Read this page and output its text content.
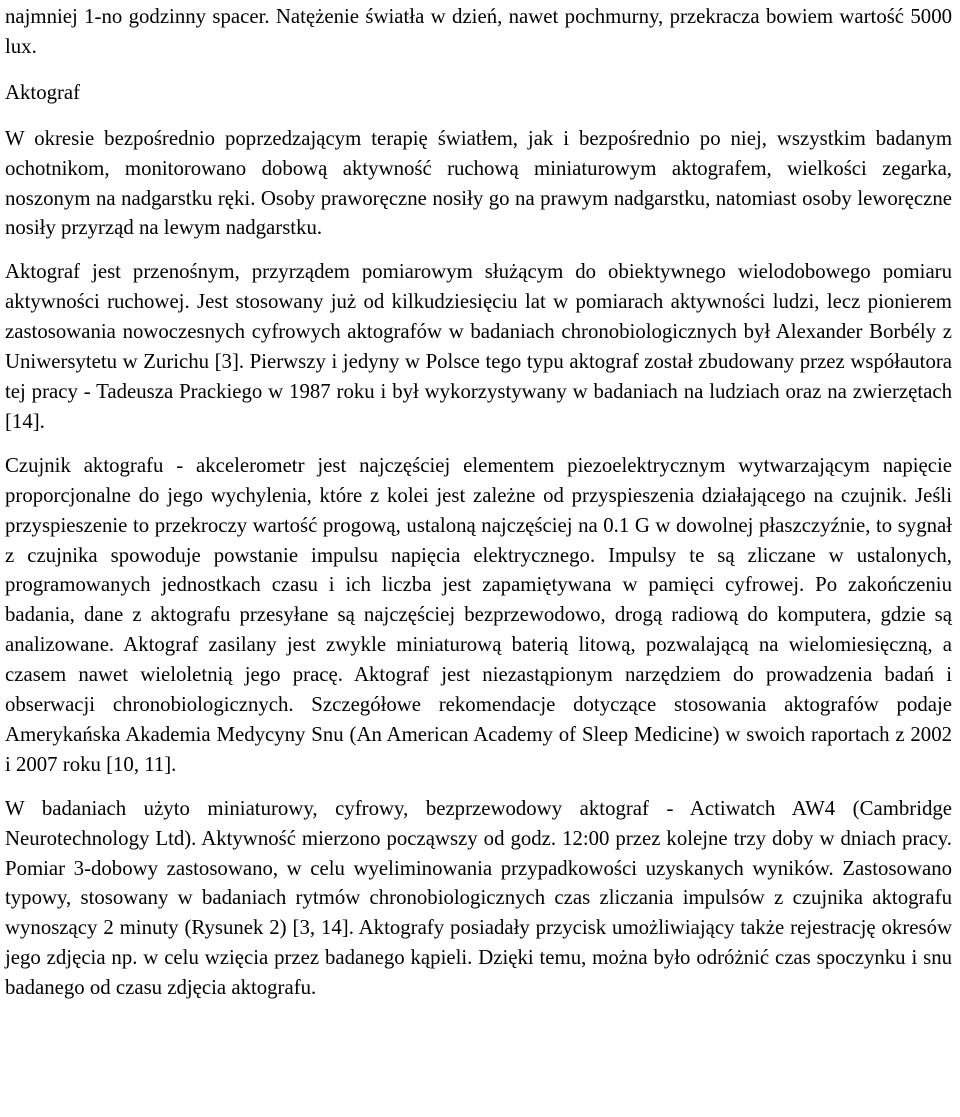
najmniej 1-no godzinny spacer. Natężenie światła w dzień, nawet pochmurny, przekracza bowiem wartość 5000 lux.

Aktograf

W okresie bezpośrednio poprzedzającym terapię światłem, jak i bezpośrednio po niej, wszystkim badanym ochotnikom, monitorowano dobową aktywność ruchową miniaturowym aktografem, wielkości zegarka, noszonym na nadgarstku ręki. Osoby praworęczne nosiły go na prawym nadgarstku, natomiast osoby leworęczne nosiły przyrząd na lewym nadgarstku.

Aktograf jest przenośnym, przyrządem pomiarowym służącym do obiektywnego wielodobowego pomiaru aktywności ruchowej. Jest stosowany już od kilkudziesięciu lat w pomiarach aktywności ludzi, lecz pionierem zastosowania nowoczesnych cyfrowych aktografów w badaniach chronobiologicznych był Alexander Borbély z Uniwersytetu w Zurichu [3]. Pierwszy i jedyny w Polsce tego typu aktograf został zbudowany przez współautora tej pracy - Tadeusza Prackiego w 1987 roku i był wykorzystywany w badaniach na ludziach oraz na zwierzętach [14].

Czujnik aktografu - akcelerometr jest najczęściej elementem piezoelektrycznym wytwarzającym napięcie proporcjonalne do jego wychylenia, które z kolei jest zależne od przyspieszenia działającego na czujnik. Jeśli przyspieszenie to przekroczy wartość progową, ustaloną najczęściej na 0.1 G w dowolnej płaszczyźnie, to sygnał z czujnika spowoduje powstanie impulsu napięcia elektrycznego. Impulsy te są zliczane w ustalonych, programowanych jednostkach czasu i ich liczba jest zapamiętywana w pamięci cyfrowej. Po zakończeniu badania, dane z aktografu przesyłane są najczęściej bezprzewodowo, drogą radiową do komputera, gdzie są analizowane. Aktograf zasilany jest zwykle miniaturową baterią litową, pozwalającą na wielomiesięczną, a czasem nawet wieloletnią jego pracę. Aktograf jest niezastąpionym narzędziem do prowadzenia badań i obserwacji chronobiologicznych. Szczegółowe rekomendacje dotyczące stosowania aktografów podaje Amerykańska Akademia Medycyny Snu (An American Academy of Sleep Medicine) w swoich raportach z 2002 i 2007 roku [10, 11].

W badaniach użyto miniaturowy, cyfrowy, bezprzewodowy aktograf - Actiwatch AW4 (Cambridge Neurotechnology Ltd). Aktywność mierzono począwszy od godz. 12:00 przez kolejne trzy doby w dniach pracy. Pomiar 3-dobowy zastosowano, w celu wyeliminowania przypadkowości uzyskanych wyników. Zastosowano typowy, stosowany w badaniach rytmów chronobiologicznych czas zliczania impulsów z czujnika aktografu wynoszący 2 minuty (Rysunek 2) [3, 14]. Aktografy posiadały przycisk umożliwiający także rejestrację okresów jego zdjęcia np. w celu wzięcia przez badanego kąpieli. Dzięki temu, można było odróżnić czas spoczynku i snu badanego od czasu zdjęcia aktografu.
